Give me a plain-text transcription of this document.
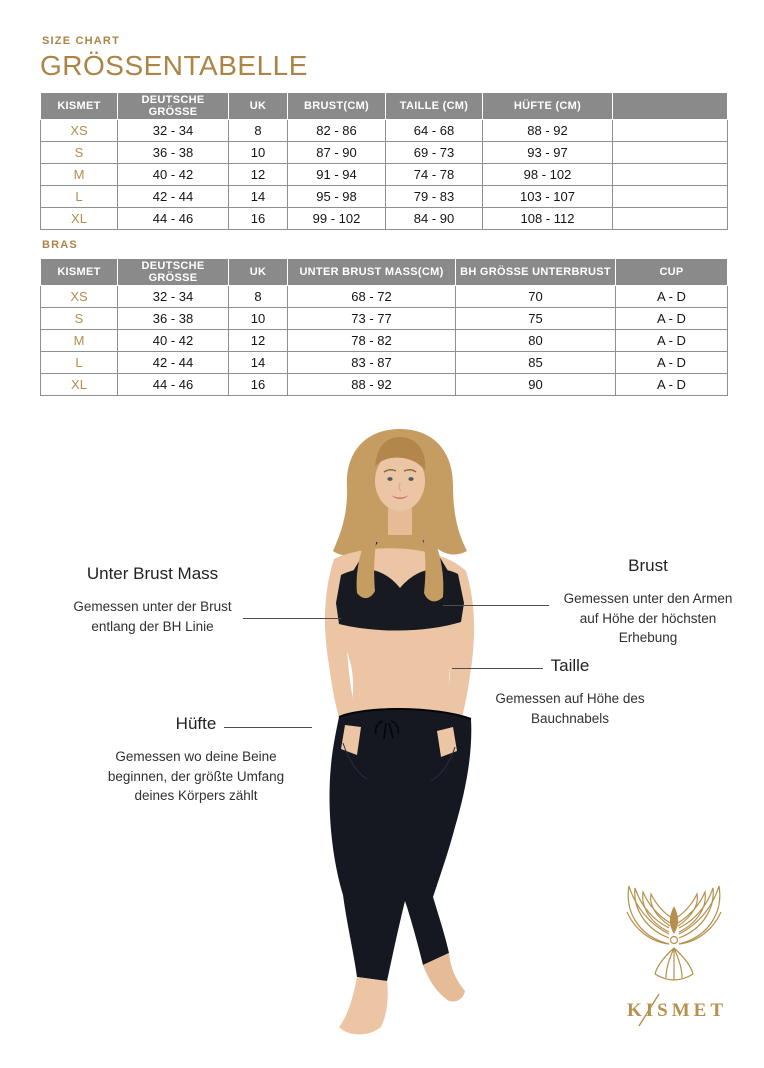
SIZE CHART
GRÖSSENTABELLE
KISMET	DEUTSCHE GRÖSSE	UK	BRUST(CM)	TAILLE (CM)	HÜFTE (CM)	
XS	32 - 34	8	82 - 86	64 - 68	88 - 92	
S	36 - 38	10	87 - 90	69 - 73	93 - 97	
M	40 - 42	12	91 - 94	74 - 78	98 - 102	
L	42 - 44	14	95 - 98	79 - 83	103 - 107	
XL	44 - 46	16	99 - 102	84 - 90	108 - 112	
BRAS
KISMET	DEUTSCHE GRÖSSE	UK	UNTER BRUST MASS(CM)	BH GRÖSSE UNTERBRUST	CUP
XS	32 - 34	8	68 - 72	70	A - D
S	36 - 38	10	73 - 77	75	A - D
M	40 - 42	12	78 - 82	80	A - D
L	42 - 44	14	83 - 87	85	A - D
XL	44 - 46	16	88 - 92	90	A - D
Unter Brust Mass
Gemessen unter der Brust entlang der BH Linie
Brust
Gemessen unter den Armen auf Höhe der höchsten Erhebung
Taille
Gemessen auf Höhe des Bauchnabels
Hüfte
Gemessen wo deine Beine beginnen, der größte Umfang deines Körpers zählt
KISMET
